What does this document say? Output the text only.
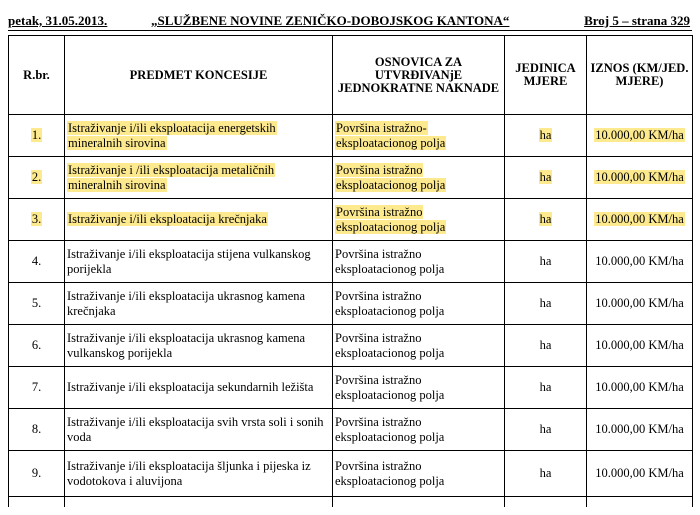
petak, 31.05.2013.	„SLUŽBENE NOVINE ZENIČKO-DOBOJSKOG KANTONA“	Broj 5 – strana 329
R.br.	PREDMET KONCESIJE	OSNOVICA ZA UTVRĐIVANjE JEDNOKRATNE NAKNADE	JEDINICA MJERE	IZNOS (KM/JED. MJERE)
1.	Istraživanje i/ili eksploatacija energetskih mineralnih sirovina	Površina istražno-eksploatacionog polja	ha	10.000,00 KM/ha
2.	Istraživanje i /ili eksploatacija metaličnih mineralnih sirovina	Površina istražno eksploatacionog polja	ha	10.000,00 KM/ha
3.	Istraživanje i/ili eksploatacija krečnjaka	Površina istražno eksploatacionog polja	ha	10.000,00 KM/ha
4.	Istraživanje i/ili eksploatacija stijena vulkanskog porijekla	Površina istražno eksploatacionog polja	ha	10.000,00 KM/ha
5.	Istraživanje i/ili eksploatacija ukrasnog kamena krečnjaka	Površina istražno eksploatacionog polja	ha	10.000,00 KM/ha
6.	Istraživanje i/ili eksploatacija ukrasnog kamena vulkanskog porijekla	Površina istražno eksploatacionog polja	ha	10.000,00 KM/ha
7.	Istraživanje i/ili eksploatacija sekundarnih ležišta	Površina istražno eksploatacionog polja	ha	10.000,00 KM/ha
8.	Istraživanje i/ili eksploatacija svih vrsta soli i sonih voda	Površina istražno eksploatacionog polja	ha	10.000,00 KM/ha
9.	Istraživanje i/ili eksploatacija šljunka i pijeska iz vodotokova i aluvijona	Površina istražno eksploatacionog polja	ha	10.000,00 KM/ha
